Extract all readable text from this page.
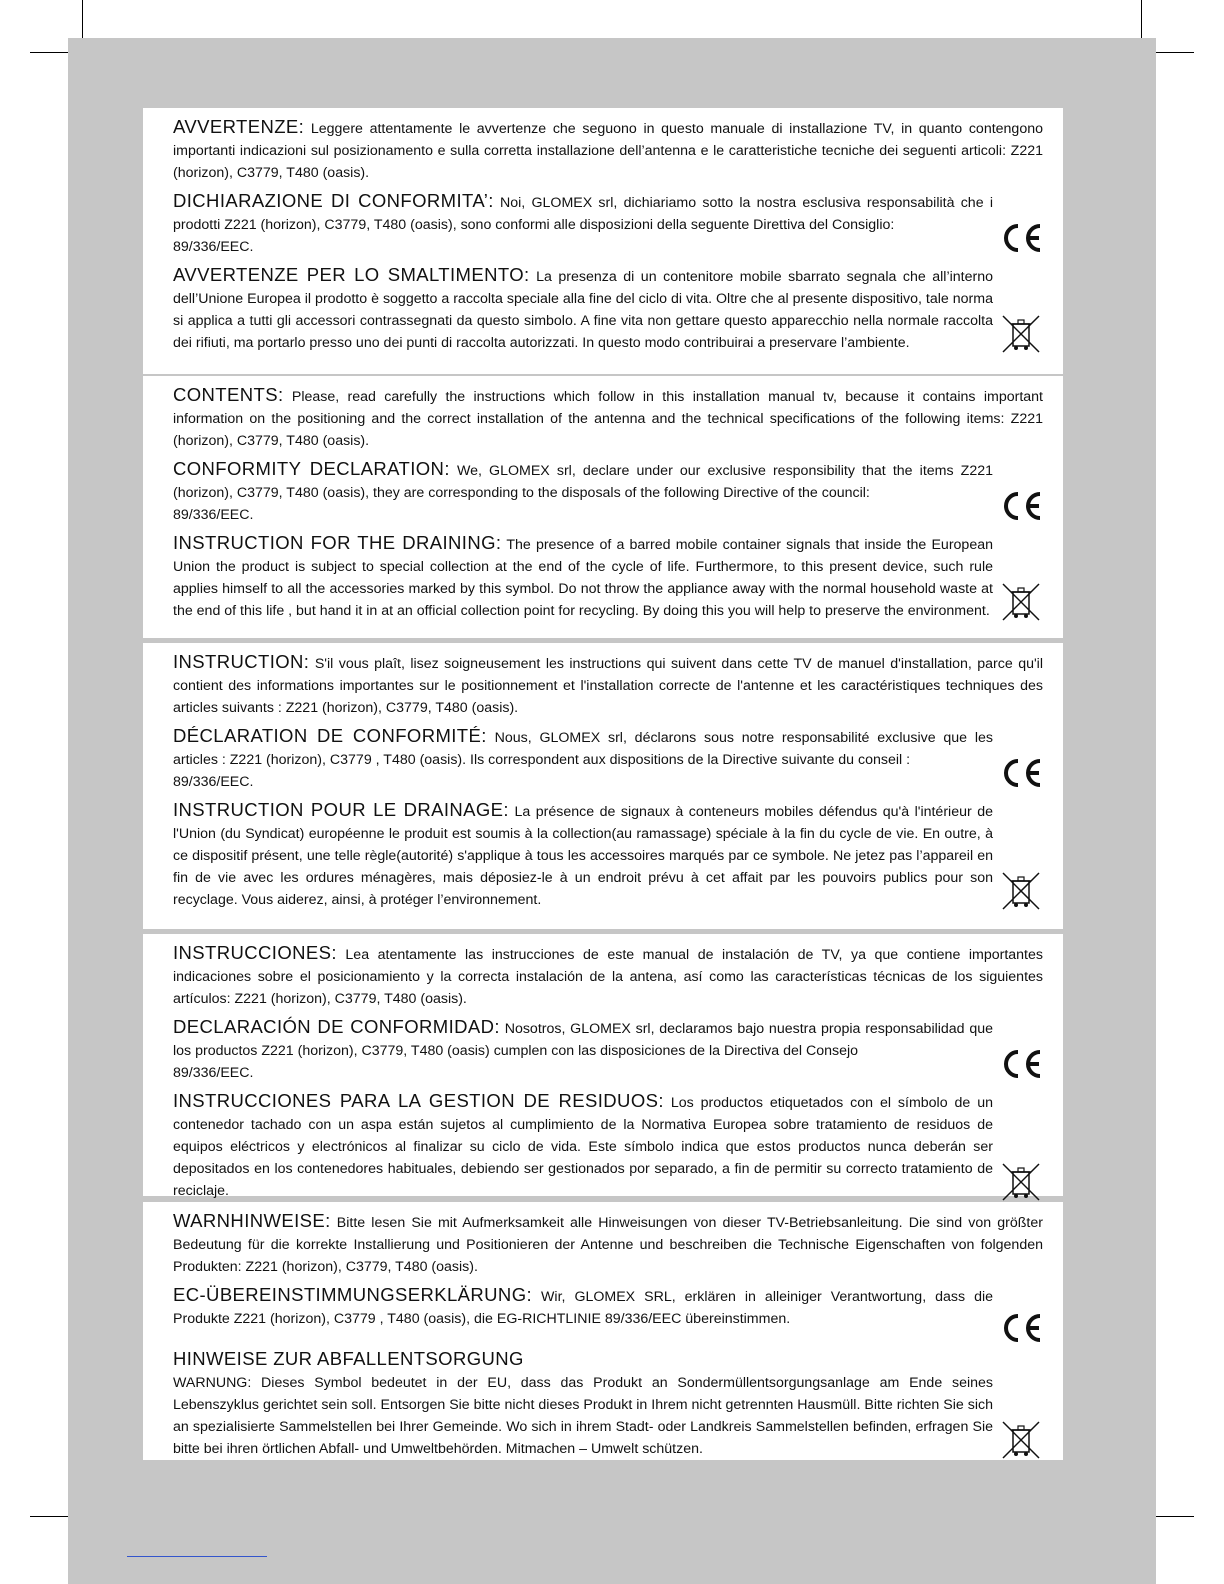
AVVERTENZE: Leggere attentamente le avvertenze che seguono in questo manuale di installazione TV, in quanto contengono importanti indicazioni sul posizionamento e sulla corretta installazione dell’antenna e le caratteristiche tecniche dei seguenti articoli: Z221 (horizon), C3779, T480 (oasis).

DICHIARAZIONE DI CONFORMITA’: Noi, GLOMEX srl, dichiariamo sotto la nostra esclusiva responsabilità che i prodotti Z221 (horizon), C3779, T480 (oasis), sono conformi alle disposizioni della seguente Direttiva del Consiglio:
89/336/EEC.

AVVERTENZE PER LO SMALTIMENTO: La presenza di un contenitore mobile sbarrato segnala che all’interno dell’Unione Europea il prodotto è soggetto a raccolta speciale alla fine del ciclo di vita. Oltre che al presente dispositivo, tale norma si applica a tutti gli accessori contrassegnati da questo simbolo. A fine vita non gettare questo apparecchio nella normale raccolta dei rifiuti, ma portarlo presso uno dei punti di raccolta autorizzati. In questo modo contribuirai a preservare l’ambiente.

CONTENTS: Please, read carefully the instructions which follow in this installation manual tv, because it contains important information on the positioning and the correct installation of the antenna and the technical specifications of the following items: Z221 (horizon), C3779, T480 (oasis).

CONFORMITY DECLARATION: We, GLOMEX srl, declare under our exclusive responsibility that the items Z221 (horizon), C3779, T480 (oasis), they are corresponding to the disposals of the following Directive of the council:
89/336/EEC.

INSTRUCTION FOR THE DRAINING: The presence of a barred mobile container signals that inside the European Union the product is subject to special collection at the end of the cycle of life. Furthermore, to this present device, such rule applies himself to all the accessories marked by this symbol. Do not throw the appliance away with the normal household waste at the end of this life , but hand it in at an official collection point for recycling. By doing this you will help to preserve the environment.

INSTRUCTION: S'il vous plaît, lisez soigneusement les instructions qui suivent dans cette TV de manuel d'installation, parce qu'il contient des informations importantes sur le positionnement et l'installation correcte de l'antenne et les caractéristiques techniques des articles suivants : Z221 (horizon), C3779, T480 (oasis).

DÉCLARATION DE CONFORMITÉ: Nous, GLOMEX srl, déclarons sous notre responsabilité exclusive que les articles : Z221 (horizon), C3779 , T480 (oasis). Ils correspondent aux dispositions de la Directive suivante du conseil :
89/336/EEC.

INSTRUCTION POUR LE DRAINAGE: La présence de signaux à conteneurs mobiles défendus qu'à l'intérieur de l'Union (du Syndicat) européenne le produit est soumis à la collection(au ramassage) spéciale à la fin du cycle de vie. En outre, à ce dispositif présent, une telle règle(autorité) s'applique à tous les accessoires marqués par ce symbole. Ne jetez pas l’appareil en fin de vie avec les ordures ménagères, mais déposiez-le à un endroit prévu à cet affait par les pouvoirs publics pour son recyclage. Vous aiderez, ainsi, à protéger l’environnement.

INSTRUCCIONES: Lea atentamente las instrucciones de este manual de instalación de TV, ya que contiene importantes indicaciones sobre el posicionamiento y la correcta instalación de la antena, así como las características técnicas de los siguientes artículos: Z221 (horizon), C3779, T480 (oasis).

DECLARACIÓN DE CONFORMIDAD: Nosotros, GLOMEX srl, declaramos bajo nuestra propia responsabilidad que los productos Z221 (horizon), C3779, T480 (oasis) cumplen con las disposiciones de la Directiva del Consejo
89/336/EEC.

INSTRUCCIONES PARA LA GESTION DE RESIDUOS: Los productos etiquetados con el símbolo de un contenedor tachado con un aspa están sujetos al cumplimiento de la Normativa Europea sobre tratamiento de residuos de equipos eléctricos y electrónicos al finalizar su ciclo de vida. Este símbolo indica que estos productos nunca deberán ser depositados en los contenedores habituales, debiendo ser gestionados por separado, a fin de permitir su correcto tratamiento de reciclaje.

WARNHINWEISE: Bitte lesen Sie mit Aufmerksamkeit alle Hinweisungen von dieser TV-Betriebsanleitung. Die sind von größter Bedeutung für die korrekte Installierung und Positionieren der Antenne und beschreiben die Technische Eigenschaften von folgenden Produkten: Z221 (horizon), C3779, T480 (oasis).

EC-ÜBEREINSTIMMUNGSERKLÄRUNG: Wir, GLOMEX SRL, erklären in alleiniger Verantwortung, dass die Produkte Z221 (horizon), C3779 , T480 (oasis), die EG-RICHTLINIE 89/336/EEC übereinstimmen.

HINWEISE ZUR ABFALLENTSORGUNG

WARNUNG: Dieses Symbol bedeutet in der EU, dass das Produkt an Sondermüllentsorgungsanlage am Ende seines Lebenszyklus gerichtet sein soll. Entsorgen Sie bitte nicht dieses Produkt in Ihrem nicht getrennten Hausmüll. Bitte richten Sie sich an spezialisierte Sammelstellen bei Ihrer Gemeinde. Wo sich in ihrem Stadt- oder Landkreis Sammelstellen befinden, erfragen Sie bitte bei ihren örtlichen Abfall- und Umweltbehörden. Mitmachen – Umwelt schützen.
